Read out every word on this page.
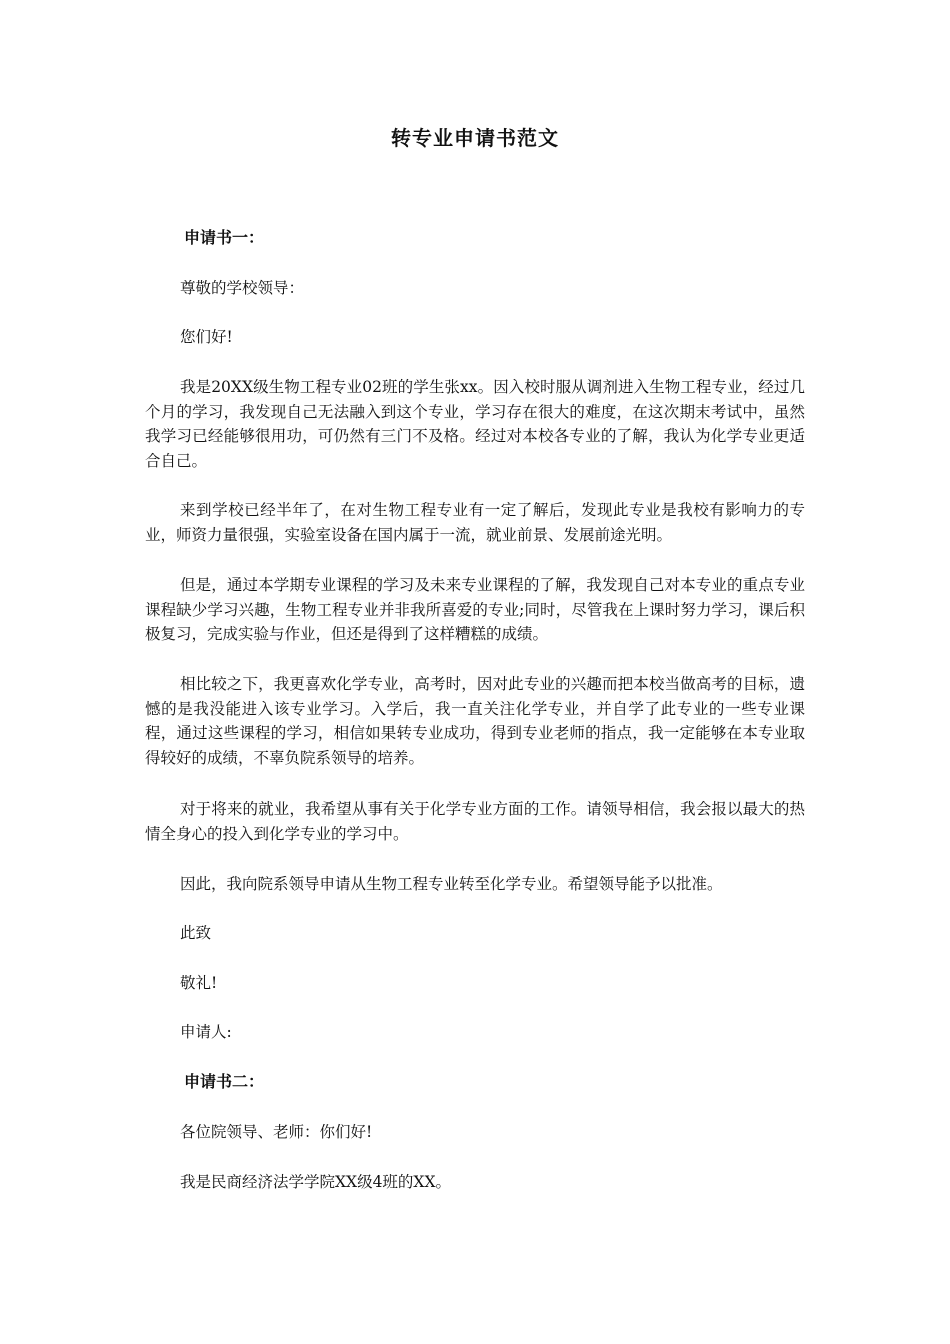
转专业申请书范文
申请书一：
尊敬的学校领导：
您们好!
我是20XX级生物工程专业02班的学生张xx。因入校时服从调剂进入生物工程专业，经过几个月的学习，我发现自己无法融入到这个专业，学习存在很大的难度，在这次期末考试中，虽然我学习已经能够很用功，可仍然有三门不及格。经过对本校各专业的了解，我认为化学专业更适合自己。
来到学校已经半年了，在对生物工程专业有一定了解后，发现此专业是我校有影响力的专业，师资力量很强，实验室设备在国内属于一流，就业前景、发展前途光明。
但是，通过本学期专业课程的学习及未来专业课程的了解，我发现自己对本专业的重点专业课程缺少学习兴趣，生物工程专业并非我所喜爱的专业;同时，尽管我在上课时努力学习，课后积极复习，完成实验与作业，但还是得到了这样糟糕的成绩。
相比较之下，我更喜欢化学专业，高考时，因对此专业的兴趣而把本校当做高考的目标，遗憾的是我没能进入该专业学习。入学后，我一直关注化学专业，并自学了此专业的一些专业课程，通过这些课程的学习，相信如果转专业成功，得到专业老师的指点，我一定能够在本专业取得较好的成绩，不辜负院系领导的培养。
对于将来的就业，我希望从事有关于化学专业方面的工作。请领导相信，我会报以最大的热情全身心的投入到化学专业的学习中。
因此，我向院系领导申请从生物工程专业转至化学专业。希望领导能予以批准。
此致
敬礼!
申请人:
申请书二：
各位院领导、老师：你们好!
我是民商经济法学学院XX级4班的XX。
